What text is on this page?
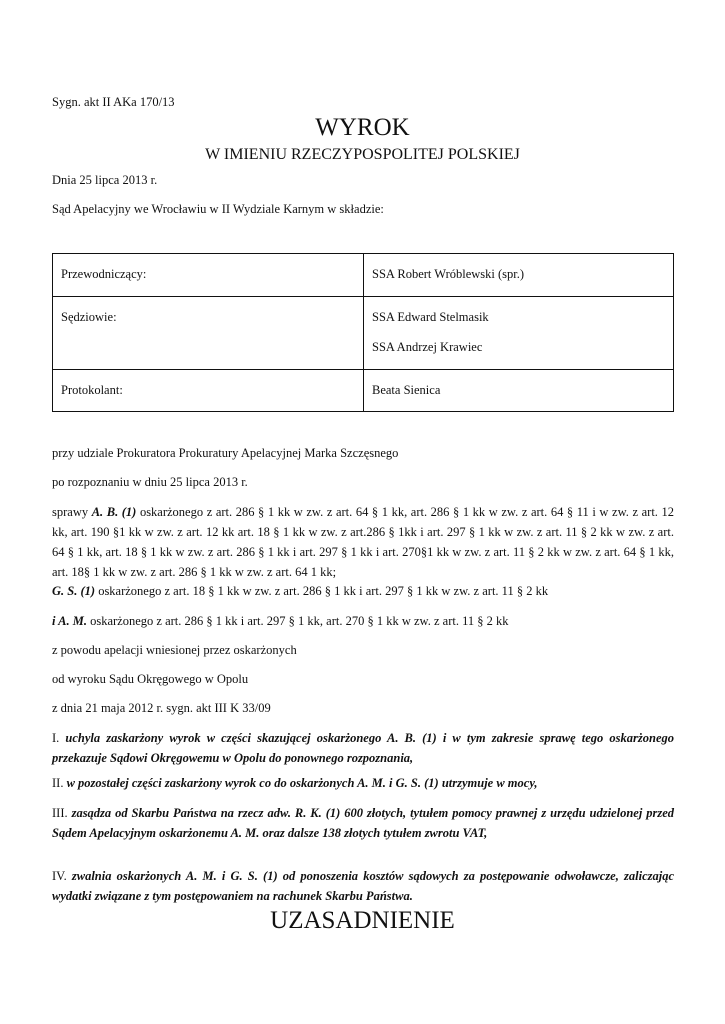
Sygn. akt II AKa 170/13

WYROK
W IMIENIU RZECZYPOSPOLITEJ POLSKIEJ

Dnia 25 lipca 2013 r.

Sąd Apelacyjny we Wrocławiu w II Wydziale Karnym w składzie:

Przewodniczący:	SSA Robert Wróblewski (spr.)
Sędziowie:	SSA Edward Stelmasik
SSA Andrzej Krawiec

Protokolant:	Beata Sienica

przy udziale Prokuratora Prokuratury Apelacyjnej Marka Szczęsnego

po rozpoznaniu w dniu 25 lipca 2013 r.

sprawy A. B. (1) oskarżonego z art. 286 § 1 kk w zw. z art. 64 § 1 kk, art. 286 § 1 kk w zw. z art. 64 § 11 i w zw. z art. 12 kk, art. 190 §1 kk w zw. z art. 12 kk art. 18 § 1 kk w zw. z art.286 § 1kk i art. 297 § 1 kk w zw. z art. 11 § 2 kk w zw. z art. 64 § 1 kk, art. 18 § 1 kk w zw. z art. 286 § 1 kk i art. 297 § 1 kk i art. 270§1 kk w zw. z art. 11 § 2 kk w zw. z art. 64 § 1 kk, art. 18§ 1 kk w zw. z art. 286 § 1 kk w zw. z art. 64 1 kk;

G. S. (1) oskarżonego z art. 18 § 1 kk w zw. z art. 286 § 1 kk i art. 297 § 1 kk w zw. z art. 11 § 2 kk

i A. M. oskarżonego z art. 286 § 1 kk i art. 297 § 1 kk, art. 270 § 1 kk w zw. z art. 11 § 2 kk

z powodu apelacji wniesionej przez oskarżonych

od wyroku Sądu Okręgowego w Opolu

z dnia 21 maja 2012 r. sygn. akt III K 33/09

I. uchyla zaskarżony wyrok w części skazującej oskarżonego A. B. (1) i w tym zakresie sprawę tego oskarżonego przekazuje Sądowi Okręgowemu w Opolu do ponownego rozpoznania,

II. w pozostałej części zaskarżony wyrok co do oskarżonych A. M. i G. S. (1) utrzymuje w mocy,

III. zasądza od Skarbu Państwa na rzecz adw. R. K. (1) 600 złotych, tytułem pomocy prawnej z urzędu udzielonej przed Sądem Apelacyjnym oskarżonemu A. M. oraz dalsze 138 złotych tytułem zwrotu VAT,

IV. zwalnia oskarżonych A. M. i G. S. (1) od ponoszenia kosztów sądowych za postępowanie odwoławcze, zaliczając wydatki związane z tym postępowaniem na rachunek Skarbu Państwa.

UZASADNIENIE
